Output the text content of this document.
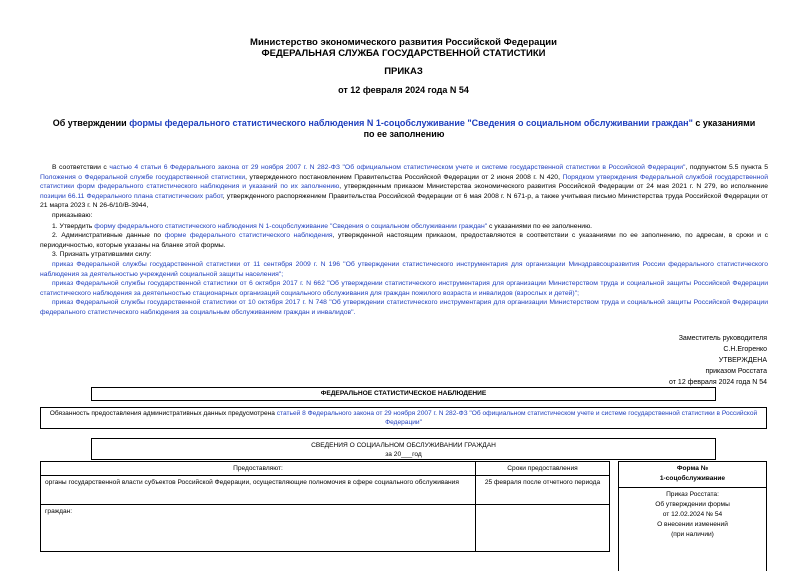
Министерство экономического развития Российской Федерации
ФЕДЕРАЛЬНАЯ СЛУЖБА ГОСУДАРСТВЕННОЙ СТАТИСТИКИ
ПРИКАЗ
от 12 февраля 2024 года N 54
Об утверждении формы федерального статистического наблюдения N 1-соцобслуживание "Сведения о социальном обслуживании граждан" с указаниями по ее заполнению

В соответствии с частью 4 статьи 6 Федерального закона от 29 ноября 2007 г. N 282-ФЗ "Об официальном статистическом учете и системе государственной статистики в Российской Федерации", подпунктом 5.5 пункта 5 Положения о Федеральной службе государственной статистики, утвержденного постановлением Правительства Российской Федерации от 2 июня 2008 г. N 420, Порядком утверждения Федеральной службой государственной статистики форм федерального статистического наблюдения и указаний по их заполнению, утвержденным приказом Министерства экономического развития Российской Федерации от 24 мая 2021 г. N 279, во исполнение позиции 66.11 Федерального плана статистических работ, утвержденного распоряжением Правительства Российской Федерации от 6 мая 2008 г. N 671-р, а также учитывая письмо Министерства труда Российской Федерации от 21 марта 2023 г. N 26-6/10/В-3944,

приказываю:

1. Утвердить форму федерального статистического наблюдения N 1-соцобслуживание "Сведения о социальном обслуживании граждан" с указаниями по ее заполнению.

2. Административные данные по форме федерального статистического наблюдения, утвержденной настоящим приказом, предоставляются в соответствии с указаниями по ее заполнению, по адресам, в сроки и с периодичностью, которые указаны на бланке этой формы.

3. Признать утратившими силу:

приказ Федеральной службы государственной статистики от 11 сентября 2009 г. N 196 "Об утверждении статистического инструментария для организации Минздравсоцразвития России федерального статистического наблюдения за деятельностью учреждений социальной защиты населения";

приказ Федеральной службы государственной статистики от 6 октября 2017 г. N 662 "Об утверждении статистического инструментария для организации Министерством труда и социальной защиты Российской Федерации статистического наблюдения за деятельностью стационарных организаций социального обслуживания для граждан пожилого возраста и инвалидов (взрослых и детей)";

приказ Федеральной службы государственной статистики от 10 октября 2017 г. N 748 "Об утверждении статистического инструментария для организации Министерством труда и социальной защиты Российской Федерации федерального статистического наблюдения за социальным обслуживанием граждан и инвалидов".

Заместитель руководителя
С.Н.Егоренко
УТВЕРЖДЕНА
приказом Росстата
от 12 февраля 2024 года N 54
ФЕДЕРАЛЬНОЕ СТАТИСТИЧЕСКОЕ НАБЛЮДЕНИЕ
Обязанность предоставления административных данных предусмотрена статьей 8 Федерального закона от 29 ноября 2007 г. N 282-ФЗ "Об официальном статистическом учете и системе государственной статистики в Российской Федерации"
СВЕДЕНИЯ О СОЦИАЛЬНОМ ОБСЛУЖИВАНИИ ГРАЖДАН
за 20___год
Предоставляют:	Сроки предоставления
органы государственной власти субъектов Российской Федерации, осуществляющие полномочия в сфере социального обслуживания	25 февраля после отчетного периода
граждан:	
Форма №
1-соцобслуживание
Приказ Росстата:
Об утверждении формы
от 12.02.2024 № 54
О внесении изменений
(при наличии)
